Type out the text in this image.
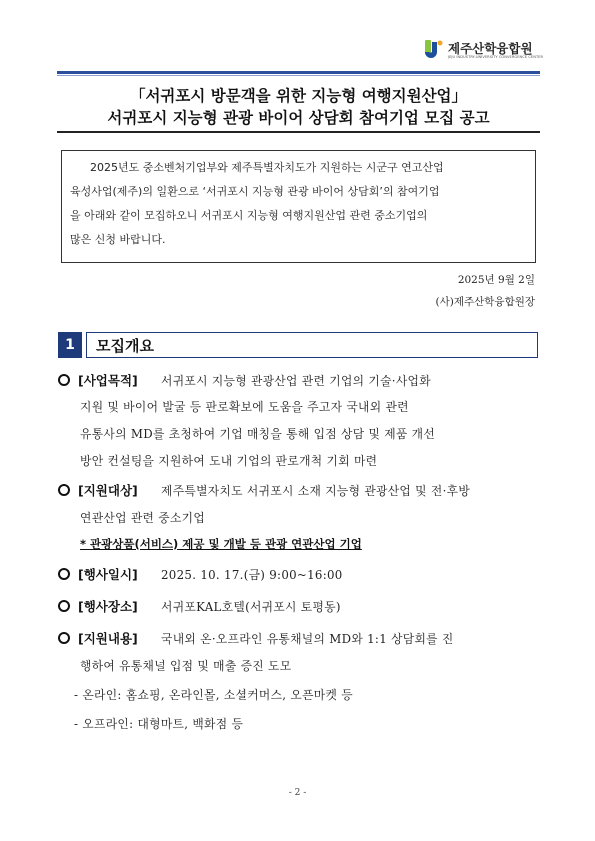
제주산학융합원
JEJU INDUSTRY-UNIVERSITY CONVERGENCE CENTER
「서귀포시 방문객을 위한 지능형 여행지원산업」
서귀포시 지능형 관광 바이어 상담회 참여기업 모집 공고
2025년도 중소벤처기업부와 제주특별자치도가 지원하는 시군구 연고산업
육성사업(제주)의 일환으로 ‘서귀포시 지능형 관광 바이어 상담회’의 참여기업
을 아래와 같이 모집하오니 서귀포시 지능형 여행지원산업 관련 중소기업의
많은 신청 바랍니다.
2025년 9월 2일
(사)제주산학융합원장
1	모집개요
[사업목적] 서귀포시 지능형 관광산업 관련 기업의 기술·사업화
지원 및 바이어 발굴 등 판로확보에 도움을 주고자 국내외 관련
유통사의 MD를 초청하여 기업 매칭을 통해 입점 상담 및 제품 개선
방안 컨설팅을 지원하여 도내 기업의 판로개척 기회 마련
[지원대상] 제주특별자치도 서귀포시 소재 지능형 관광산업 및 전·후방
연관산업 관련 중소기업
* 관광상품(서비스) 제공 및 개발 등 관광 연관산업 기업
[행사일시] 2025. 10. 17.(금) 9:00~16:00
[행사장소] 서귀포KAL호텔(서귀포시 토평동)
[지원내용] 국내외 온·오프라인 유통채널의 MD와 1:1 상담회를 진
행하여 유통채널 입점 및 매출 증진 도모
- 온라인: 홈쇼핑, 온라인몰, 소셜커머스, 오픈마켓 등
- 오프라인: 대형마트, 백화점 등
- 2 -
